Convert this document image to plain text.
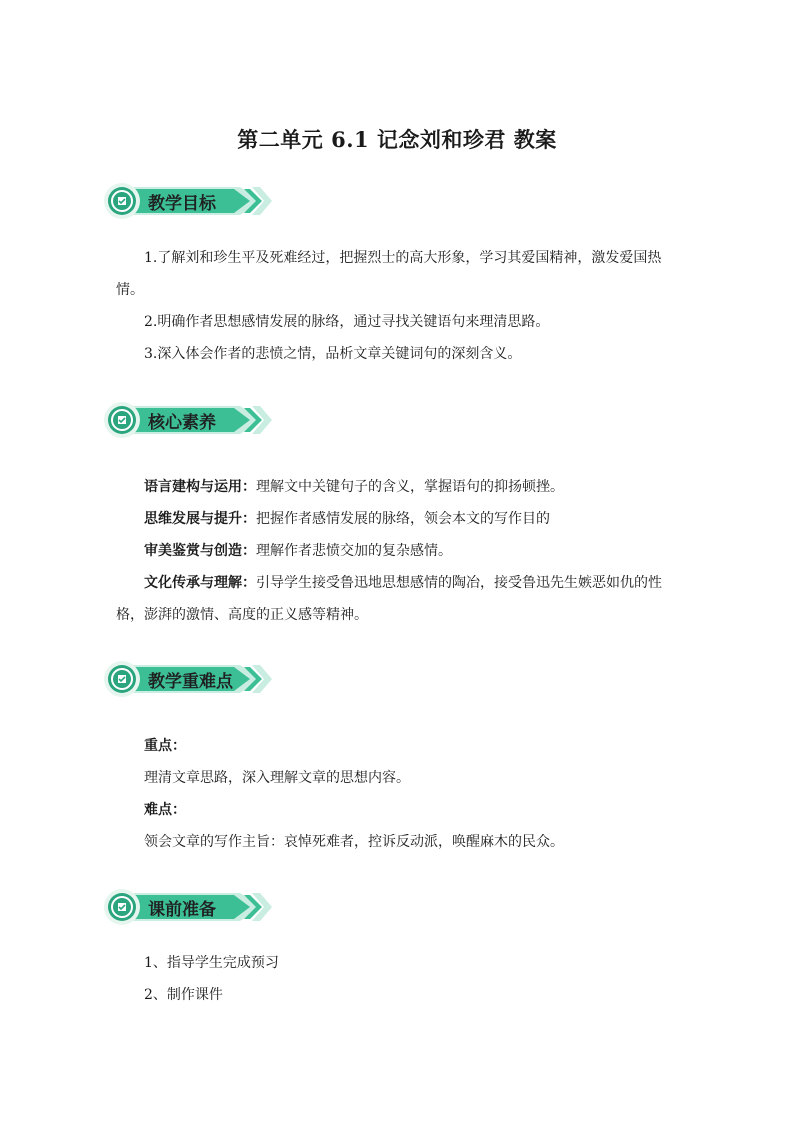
第二单元 6.1 记念刘和珍君 教案
教学目标

1.了解刘和珍生平及死难经过，把握烈士的高大形象，学习其爱国精神，激发爱国热情。

2.明确作者思想感情发展的脉络，通过寻找关键语句来理清思路。

3.深入体会作者的悲愤之情，品析文章关键词句的深刻含义。

核心素养

语言建构与运用：理解文中关键句子的含义，掌握语句的抑扬顿挫。

思维发展与提升：把握作者感情发展的脉络，领会本文的写作目的

审美鉴赏与创造：理解作者悲愤交加的复杂感情。

文化传承与理解：引导学生接受鲁迅地思想感情的陶冶，接受鲁迅先生嫉恶如仇的性格，澎湃的激情、高度的正义感等精神。

教学重难点

重点：

理清文章思路，深入理解文章的思想内容。

难点：

领会文章的写作主旨：哀悼死难者，控诉反动派，唤醒麻木的民众。

课前准备

1、指导学生完成预习

2、制作课件
